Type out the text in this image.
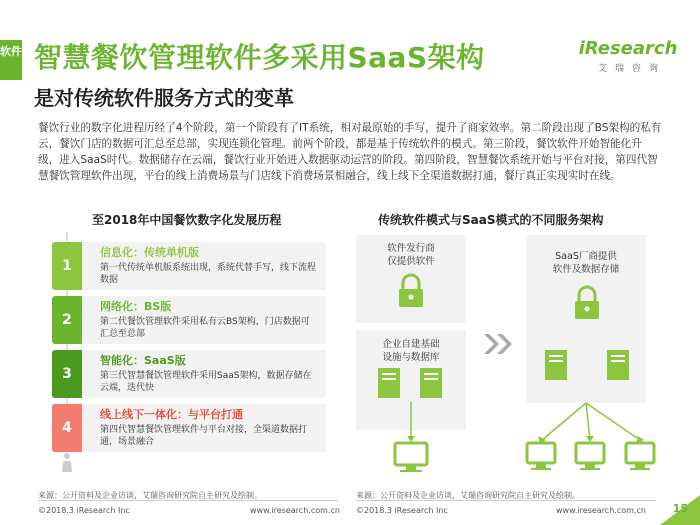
软件 智慧餐饮管理软件多采用SaaS架构
是对传统软件服务方式的变革
iResearch
艾瑞咨询
餐饮行业的数字化进程历经了4个阶段，第一个阶段有了IT系统，相对最原始的手写，提升了商家效率。第二阶段出现了BS架构的私有云，餐饮门店的数据可汇总至总部，实现连锁化管理。前两个阶段，都是基于传统软件的模式。第三阶段，餐饮软件开始智能化升级，进入SaaS时代。数据储存在云端，餐饮行业开始进入数据驱动运营的阶段。第四阶段，智慧餐饮系统开始与平台对接，第四代智慧餐饮管理软件出现，平台的线上消费场景与门店线下消费场景相融合，线上线下全渠道数据打通，餐厅真正实现实时在线。
至2018年中国餐饮数字化发展历程
1
信息化：传统单机版
第一代传统单机版系统出现，系统代替手写，线下流程数据
2
网络化：BS版
第二代餐饮管理软件采用私有云BS架构，门店数据可汇总至总部
3
智能化：SaaS版
第三代智慧餐饮管理软件采用SaaS架构，数据存储在云端，迭代快
4
线上线下一体化：与平台打通
第四代智慧餐饮管理软件与平台对接，全渠道数据打通，场景融合
传统软件模式与SaaS模式的不同服务架构
软件发行商
仅提供软件
企业自建基础
设施与数据库
SaaS厂商提供
软件及数据存储
来源：公开资料及企业访谈，艾瑞咨询研究院自主研究及绘制。	来源：公开资料及企业访谈，艾瑞咨询研究院自主研究及绘制。
©2018.3 iResearch Inc	www.iresearch.com.cn ©2018.3 iResearch Inc	www.iresearch.com.cn 15
